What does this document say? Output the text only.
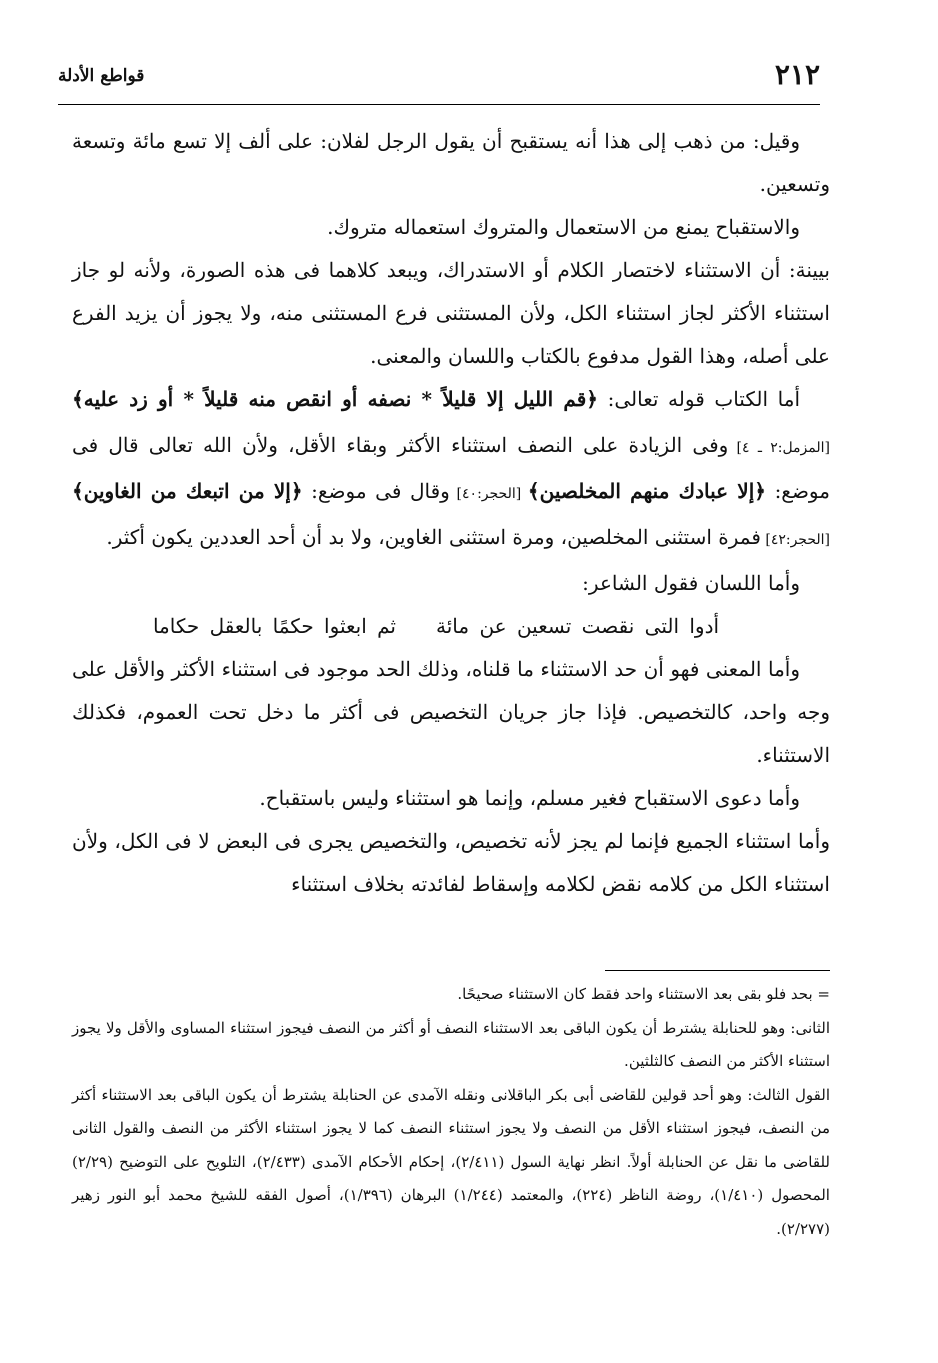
٢١٢
قواطع الأدلة

وقيل: من ذهب إلى هذا أنه يستقبح أن يقول الرجل لفلان: على ألف إلا تسع مائة وتسعة وتسعين.

والاستقباح يمنع من الاستعمال والمتروك استعماله متروك.

بيينة: أن الاستثناء لاختصار الكلام أو الاستدراك، ويبعد كلاهما فى هذه الصورة، ولأنه لو جاز استثناء الأكثر لجاز استثناء الكل، ولأن المستثنى فرع المستثنى منه، ولا يجوز أن يزيد الفرع على أصله، وهذا القول مدفوع بالكتاب واللسان والمعنى.

أما الكتاب قوله تعالى: ﴿قم الليل إلا قليلاً * نصفه أو انقص منه قليلاً * أو زد عليه﴾ [المزمل:٢ ـ ٤] وفى الزيادة على النصف استثناء الأكثر وبقاء الأقل، ولأن الله تعالى قال فى موضع: ﴿إلا عبادك منهم المخلصين﴾ [الحجر:٤٠] وقال فى موضع: ﴿إلا من اتبعك من الغاوين﴾ [الحجر:٤٢] فمرة استثنى المخلصين، ومرة استثنى الغاوين، ولا بد أن أحد العددين يكون أكثر.

وأما اللسان فقول الشاعر:

أدوا التى نقصت تسعين عن مائةثم ابعثوا حكمًا بالعقل حكاما

وأما المعنى فهو أن حد الاستثناء ما قلناه، وذلك الحد موجود فى استثناء الأكثر والأقل على وجه واحد، كالتخصيص. فإذا جاز جريان التخصيص فى أكثر ما دخل تحت العموم، فكذلك الاستثناء.

وأما دعوى الاستقباح فغير مسلم، وإنما هو استثناء وليس باستقباح.

وأما استثناء الجميع فإنما لم يجز لأنه تخصيص، والتخصيص يجرى فى البعض لا فى الكل، ولأن استثناء الكل من كلامه نقض لكلامه وإسقاط لفائدته بخلاف استثناء

= بحد فلو بقى بعد الاستثناء واحد فقط كان الاستثناء صحيحًا.

الثانى: وهو للحنابلة يشترط أن يكون الباقى بعد الاستثناء النصف أو أكثر من النصف فيجوز استثناء المساوى والأقل ولا يجوز استثناء الأكثر من النصف كالثلثين.

القول الثالث: وهو أحد قولين للقاضى أبى بكر الباقلانى ونقله الآمدى عن الحنابلة يشترط أن يكون الباقى بعد الاستثناء أكثر من النصف، فيجوز استثناء الأقل من النصف ولا يجوز استثناء النصف كما لا يجوز استثناء الأكثر من النصف والقول الثانى للقاضى ما نقل عن الحنابلة أولاً. انظر نهاية السول (٢/٤١١)، إحكام الأحكام الآمدى (٢/٤٣٣)، التلويح على التوضيح (٢/٢٩) المحصول (١/٤١٠)، روضة الناظر (٢٢٤)، والمعتمد (١/٢٤٤) البرهان (١/٣٩٦)، أصول الفقه للشيخ محمد أبو النور زهير (٢/٢٧٧).
